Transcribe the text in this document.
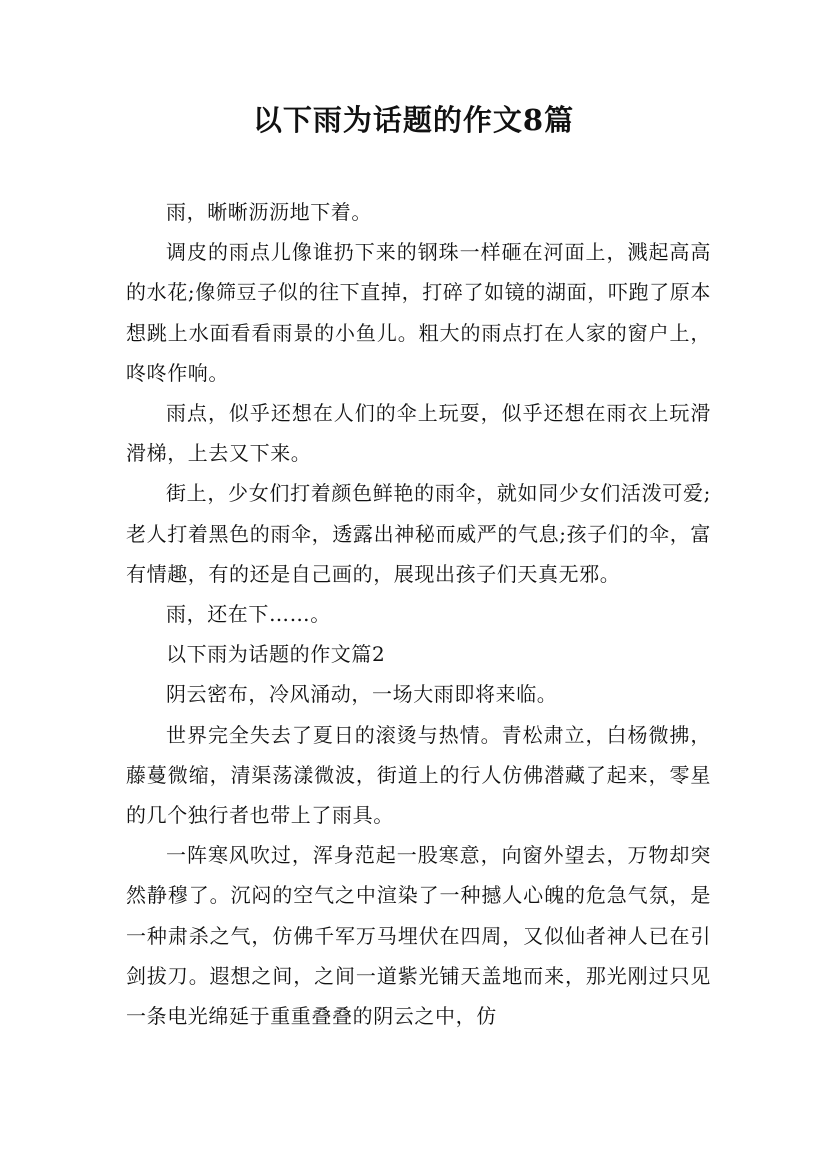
以下雨为话题的作文8篇

雨，晰晰沥沥地下着。

调皮的雨点儿像谁扔下来的钢珠一样砸在河面上，溅起高高的水花;像筛豆子似的往下直掉，打碎了如镜的湖面，吓跑了原本想跳上水面看看雨景的小鱼儿。粗大的雨点打在人家的窗户上，咚咚作响。

雨点，似乎还想在人们的伞上玩耍，似乎还想在雨衣上玩滑滑梯，上去又下来。

街上，少女们打着颜色鲜艳的雨伞，就如同少女们活泼可爱;老人打着黑色的雨伞，透露出神秘而威严的气息;孩子们的伞，富有情趣，有的还是自己画的，展现出孩子们天真无邪。

雨，还在下……。

以下雨为话题的作文篇2

阴云密布，冷风涌动，一场大雨即将来临。

世界完全失去了夏日的滚烫与热情。青松肃立，白杨微拂，藤蔓微缩，清渠荡漾微波，街道上的行人仿佛潜藏了起来，零星的几个独行者也带上了雨具。

一阵寒风吹过，浑身范起一股寒意，向窗外望去，万物却突然静穆了。沉闷的空气之中渲染了一种撼人心魄的危急气氛，是一种肃杀之气，仿佛千军万马埋伏在四周，又似仙者神人已在引剑拔刀。遐想之间，之间一道紫光铺天盖地而来，那光刚过只见一条电光绵延于重重叠叠的阴云之中，仿
